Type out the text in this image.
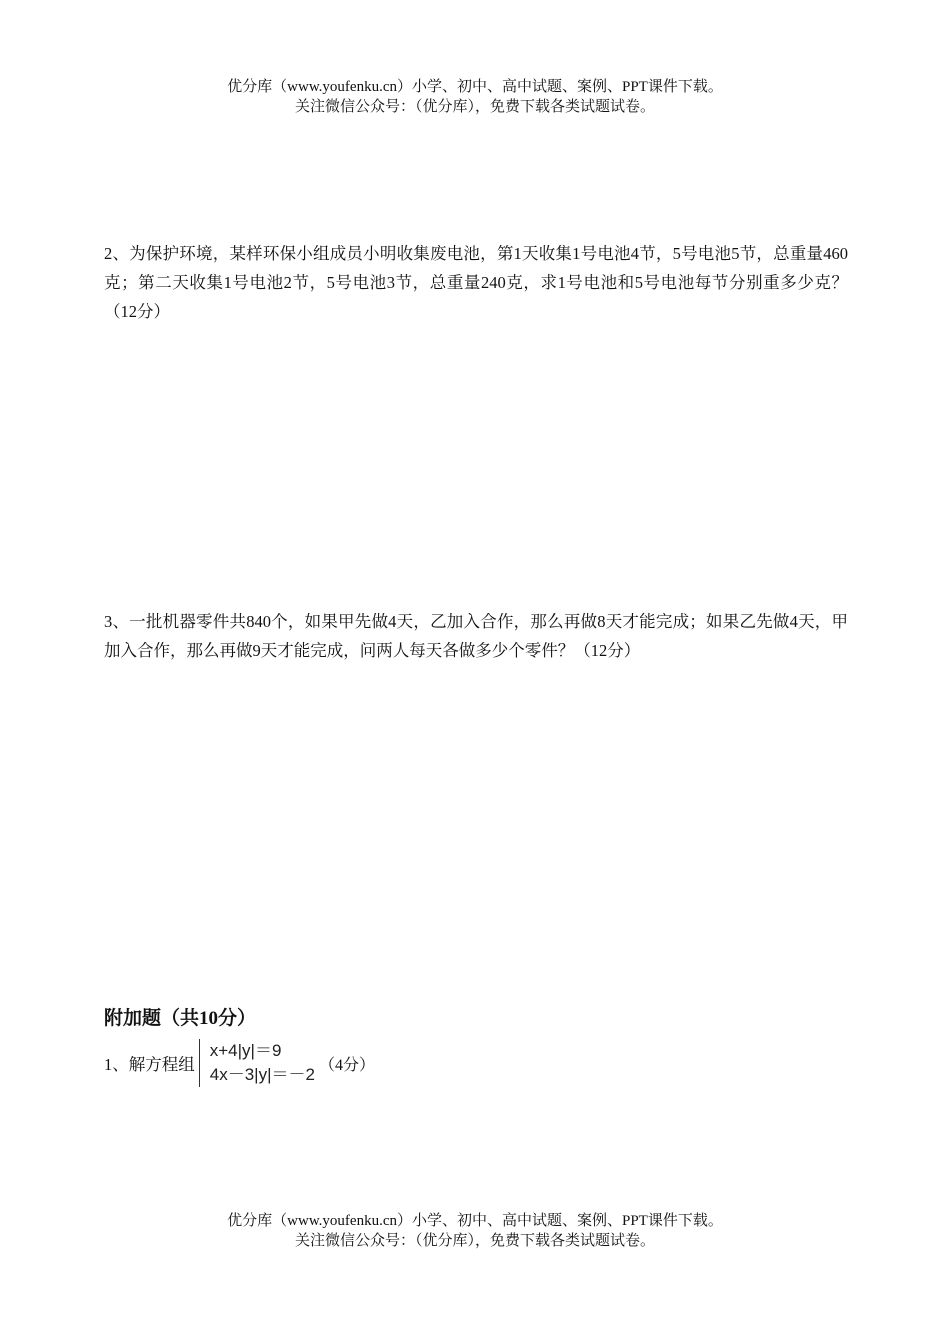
优分库（www.youfenku.cn）小学、初中、高中试题、案例、PPT课件下载。
关注微信公众号：（优分库），免费下载各类试题试卷。
2、为保护环境，某样环保小组成员小明收集废电池，第1天收集1号电池4节，5号电池5节，总重量460克；第二天收集1号电池2节，5号电池3节，总重量240克，求1号电池和5号电池每节分别重多少克？（12分）
3、一批机器零件共840个，如果甲先做4天，乙加入合作，那么再做8天才能完成；如果乙先做4天，甲加入合作，那么再做9天才能完成，问两人每天各做多少个零件？（12分）
附加题（共10分）
1、解方程组
x+4|y|＝9
4x－3|y|＝－2 （4分）
优分库（www.youfenku.cn）小学、初中、高中试题、案例、PPT课件下载。
关注微信公众号：（优分库），免费下载各类试题试卷。
